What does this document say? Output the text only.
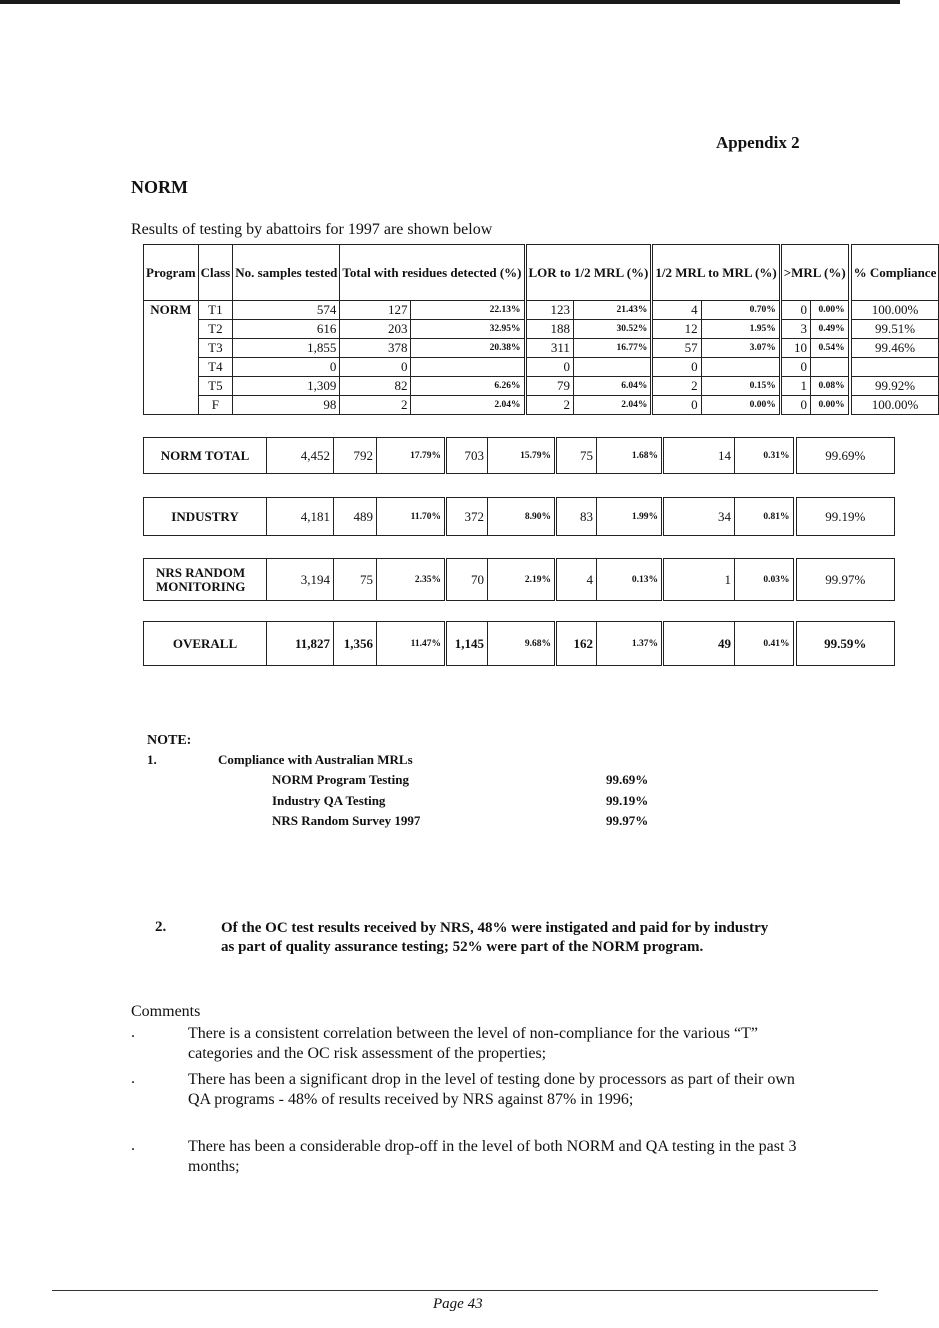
Appendix 2
NORM
Results of testing by abattoirs for 1997 are shown below
Program	Class	No. samples tested	Total with residues detected (%)		LOR to 1/2 MRL (%)		1/2 MRL to MRL (%)		>MRL (%)		% Compliance
NORM	T1	574	127	22.13%	123	21.43%	4	0.70%	0	0.00%	100.00%
	T2	616	203	32.95%	188	30.52%	12	1.95%	3	0.49%	99.51%
	T3	1,855	378	20.38%	311	16.77%	57	3.07%	10	0.54%	99.46%
	T4	0	0		0		0		0		
	T5	1,309	82	6.26%	79	6.04%	2	0.15%	1	0.08%	99.92%
	F	98	2	2.04%	2	2.04%	0	0.00%	0	0.00%	100.00%
NORM TOTAL	4,452	792	17.79%	703	15.79%	75	1.68%	14	0.31%	99.69%
INDUSTRY	4,181	489	11.70%	372	8.90%	83	1.99%	34	0.81%	99.19%
NRS RANDOM MONITORING	3,194	75	2.35%	70	2.19%	4	0.13%	1	0.03%	99.97%
OVERALL	11,827	1,356	11.47%	1,145	9.68%	162	1.37%	49	0.41%	99.59%
NOTE:
1.	Compliance with Australian MRLs
NORM Program Testing	99.69%
Industry QA Testing	99.19%
NRS Random Survey 1997	99.97%
2.	Of the OC test results received by NRS, 48% were instigated and paid for by industry as part of quality assurance testing; 52% were part of the NORM program.
Comments
.	There is a consistent correlation between the level of non-compliance for the various “T” categories and the OC risk assessment of the properties;
.	There has been a significant drop in the level of testing done by processors as part of their own QA programs - 48% of results received by NRS against 87% in 1996;
.	There has been a considerable drop-off in the level of both NORM and QA testing in the past 3 months;
Page 43
